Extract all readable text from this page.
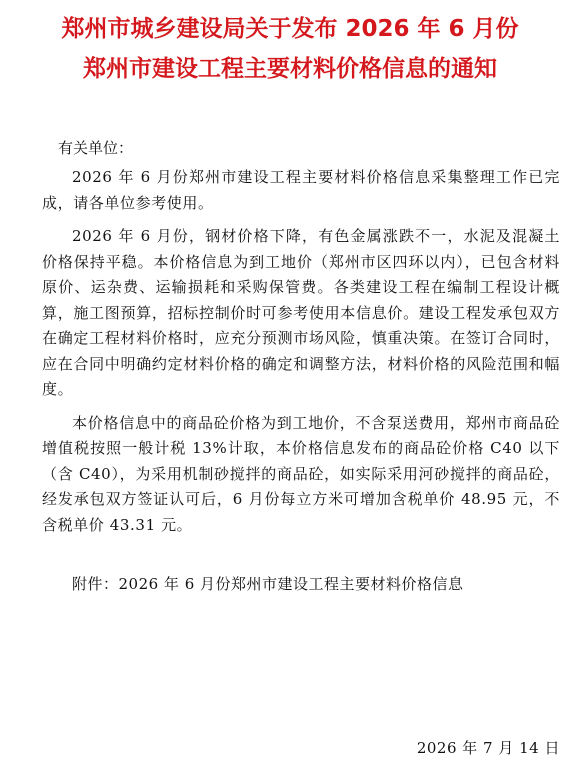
郑州市城乡建设局关于发布 2026 年 6 月份
郑州市建设工程主要材料价格信息的通知
有关单位：

2026 年 6 月份郑州市建设工程主要材料价格信息采集整理工作已完成，请各单位参考使用。

2026 年 6 月份，钢材价格下降，有色金属涨跌不一，水泥及混凝土价格保持平稳。本价格信息为到工地价（郑州市区四环以内），已包含材料原价、运杂费、运输损耗和采购保管费。各类建设工程在编制工程设计概算，施工图预算，招标控制价时可参考使用本信息价。建设工程发承包双方在确定工程材料价格时，应充分预测市场风险，慎重决策。在签订合同时，应在合同中明确约定材料价格的确定和调整方法，材料价格的风险范围和幅度。

本价格信息中的商品砼价格为到工地价，不含泵送费用，郑州市商品砼增值税按照一般计税 13%计取，本价格信息发布的商品砼价格 C40 以下（含 C40），为采用机制砂搅拌的商品砼，如实际采用河砂搅拌的商品砼，经发承包双方签证认可后，6 月份每立方米可增加含税单价 48.95 元，不含税单价 43.31 元。

附件：2026 年 6 月份郑州市建设工程主要材料价格信息
2026 年 7 月 14 日
